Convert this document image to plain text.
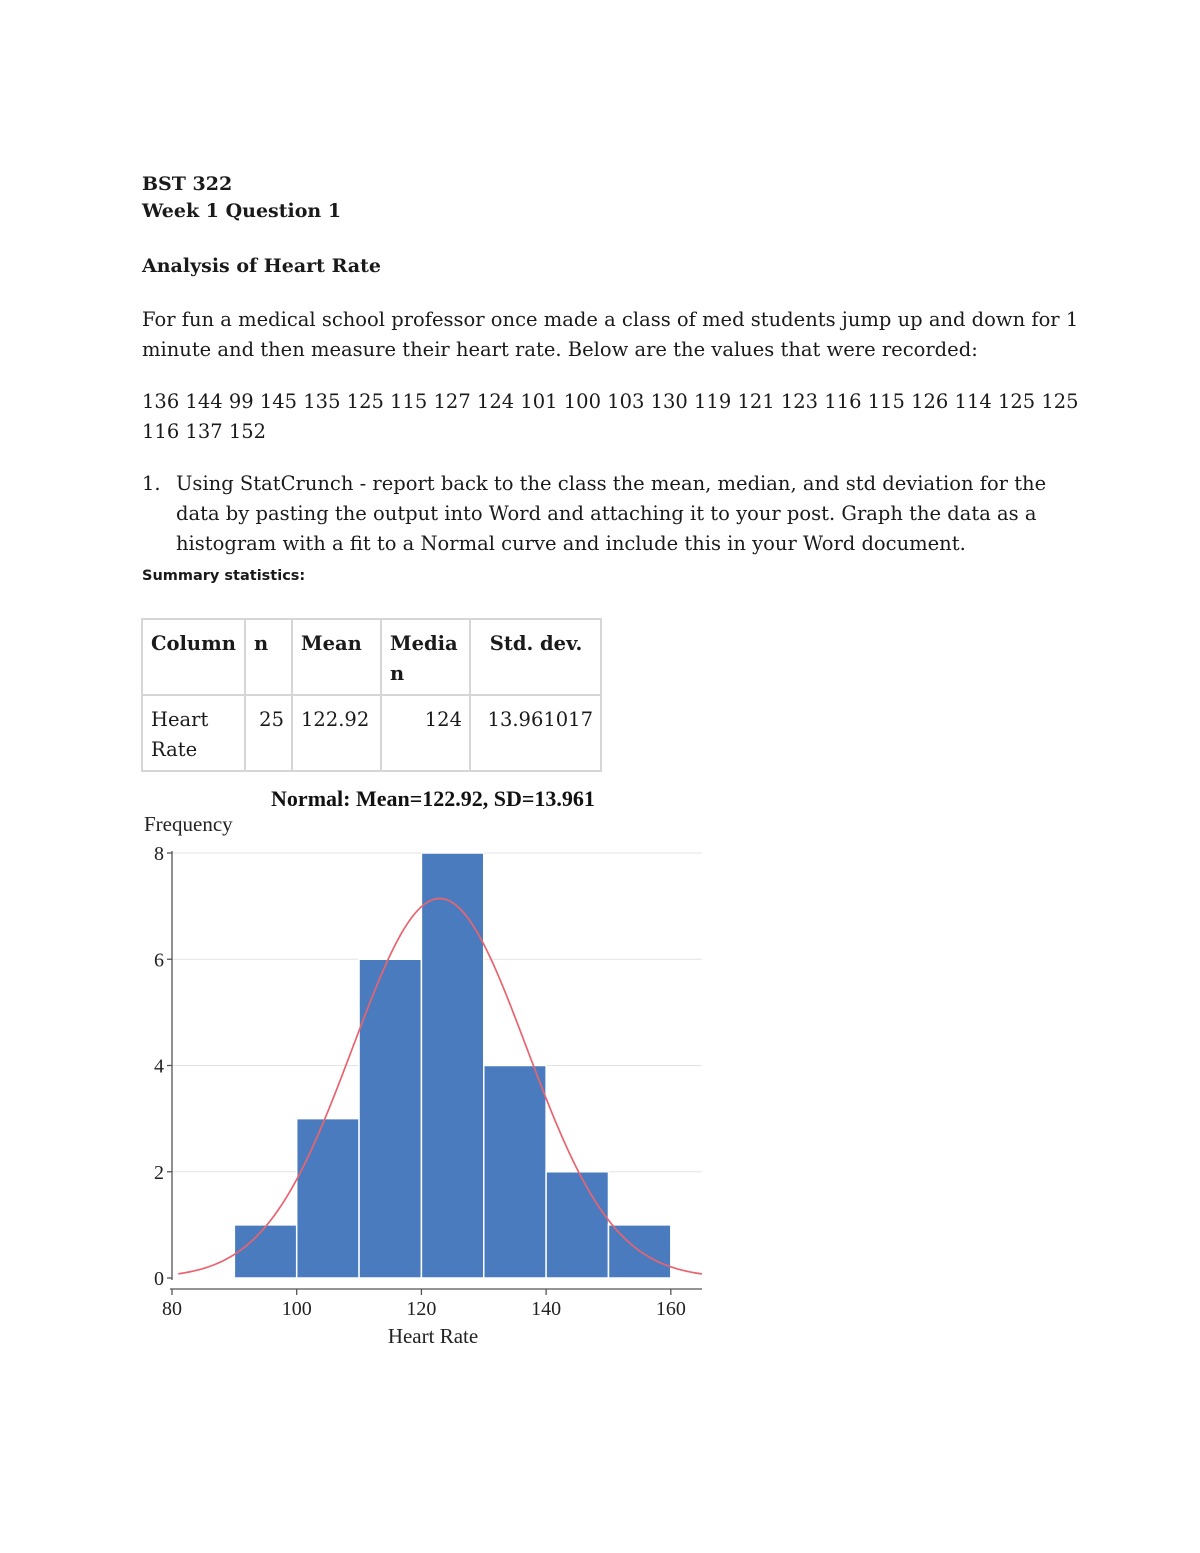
BST 322
Week 1 Question 1
Analysis of Heart Rate
For fun a medical school professor once made a class of med students jump up and down for 1
minute and then measure their heart rate. Below are the values that were recorded:
136 144 99 145 135 125 115 127 124 101 100 103 130 119 121 123 116 115 126 114 125 125
116 137 152
1. Using StatCrunch - report back to the class the mean, median, and std deviation for the
data by pasting the output into Word and attaching it to your post. Graph the data as a
histogram with a fit to a Normal curve and include this in your Word document.
Summary statistics:
Column	n	Mean	Media n	Std. dev.
Heart Rate	25	122.92	124	13.961017
0
2
4
6
8
80	100	120	140	160
Normal: Mean=122.92, SD=13.961
Frequency
Heart Rate
